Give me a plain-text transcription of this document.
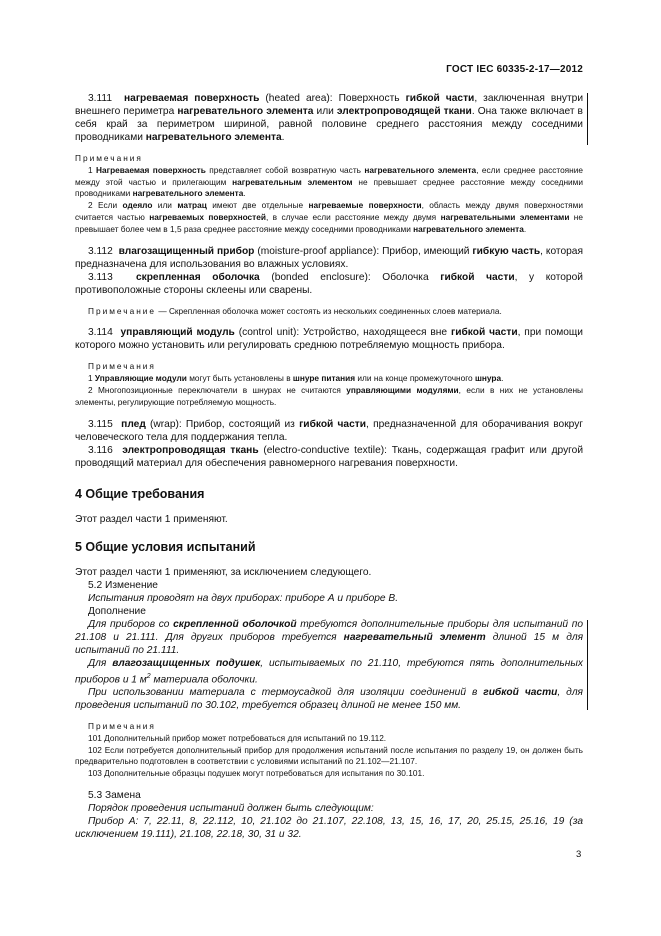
ГОСТ IEC 60335-2-17—2012

3.111 нагреваемая поверхность (heated area): Поверхность гибкой части, заключенная внутри внешнего периметра нагревательного элемента или электропроводящей ткани. Она также включает в себя край за периметром шириной, равной половине среднего расстояния между соседними проводниками нагревательного элемента.

Примечания

1 Нагреваемая поверхность представляет собой возвратную часть нагревательного элемента, если среднее расстояние между этой частью и прилегающим нагревательным элементом не превышает среднее расстояние между соседними проводниками нагревательного элемента.

2 Если одеяло или матрац имеют две отдельные нагреваемые поверхности, область между двумя поверхностями считается частью нагреваемых поверхностей, в случае если расстояние между двумя нагревательными элементами не превышает более чем в 1,5 раза среднее расстояние между соседними проводниками нагревательного элемента.

3.112 влагозащищенный прибор (moisture-proof appliance): Прибор, имеющий гибкую часть, которая предназначена для использования во влажных условиях.

3.113 скрепленная оболочка (bonded enclosure): Оболочка гибкой части, у которой противоположные стороны склеены или сварены.

Примечание — Скрепленная оболочка может состоять из нескольких соединенных слоев материала.

3.114 управляющий модуль (control unit): Устройство, находящееся вне гибкой части, при помощи которого можно установить или регулировать среднюю потребляемую мощность прибора.

Примечания

1 Управляющие модули могут быть установлены в шнуре питания или на конце промежуточного шнура.

2 Многопозиционные переключатели в шнурах не считаются управляющими модулями, если в них не установлены элементы, регулирующие потребляемую мощность.

3.115 плед (wrap): Прибор, состоящий из гибкой части, предназначенной для оборачивания вокруг человеческого тела для поддержания тепла.

3.116 электропроводящая ткань (electro-conductive textile): Ткань, содержащая графит или другой проводящий материал для обеспечения равномерного нагревания поверхности.

4 Общие требования

Этот раздел части 1 применяют.

5 Общие условия испытаний

Этот раздел части 1 применяют, за исключением следующего.

5.2 Изменение

Испытания проводят на двух приборах: приборе А и приборе В.

Дополнение

Для приборов со скрепленной оболочкой требуются дополнительные приборы для испытаний по 21.108 и 21.111. Для других приборов требуется нагревательный элемент длиной 15 м для испытаний по 21.111.

Для влагозащищенных подушек, испытываемых по 21.110, требуются пять дополнительных приборов и 1 $м^2$ материала оболочки.

При использовании материала с термоусадкой для изоляции соединений в гибкой части, для проведения испытаний по 30.102, требуется образец длиной не менее 150 мм.

Примечания

101 Дополнительный прибор может потребоваться для испытаний по 19.112.

102 Если потребуется дополнительный прибор для продолжения испытаний после испытания по разделу 19, он должен быть предварительно подготовлен в соответствии с условиями испытаний по 21.102—21.107.

103 Дополнительные образцы подушек могут потребоваться для испытания по 30.101.

5.3 Замена

Порядок проведения испытаний должен быть следующим:

Прибор А: 7, 22.11, 8, 22.112, 10, 21.102 до 21.107, 22.108, 13, 15, 16, 17, 20, 25.15, 25.16, 19 (за исключением 19.111), 21.108, 22.18, 30, 31 и 32.

3
